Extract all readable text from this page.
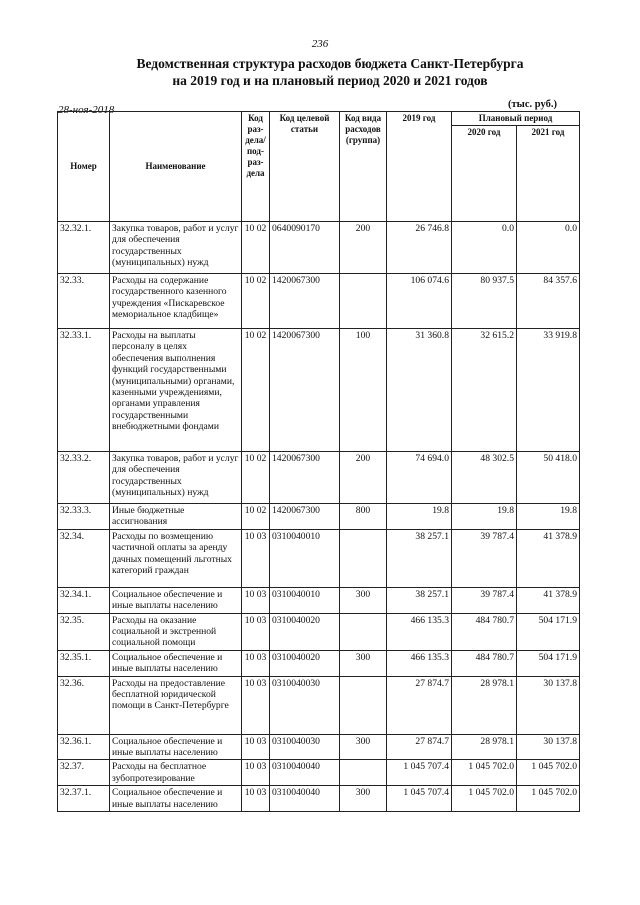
236
Ведомственная структура расходов бюджета Санкт-Петербурга
на 2019 год и на плановый период 2020 и 2021 годов
28-ноя-2018	(тыс. руб.)
Номер	Наименование	Код раз-дела/ под-раз-дела	Код целевой статьи	Код вида расходов (группа)	2019 год	Плановый период	
						2020 год	2021 год
32.32.1.	Закупка товаров, работ и услуг для обеспечения государственных (муниципальных) нужд	10 02	0640090170	200	26 746.8	0.0	0.0
32.33.	Расходы на содержание государственного казенного учреждения «Пискаревское мемориальное кладбище»	10 02	1420067300		106 074.6	80 937.5	84 357.6
32.33.1.	Расходы на выплаты персоналу в целях обеспечения выполнения функций государственными (муниципальными) органами, казенными учреждениями, органами управления государственными внебюджетными фондами	10 02	1420067300	100	31 360.8	32 615.2	33 919.8
32.33.2.	Закупка товаров, работ и услуг для обеспечения государственных (муниципальных) нужд	10 02	1420067300	200	74 694.0	48 302.5	50 418.0
32.33.3.	Иные бюджетные ассигнования	10 02	1420067300	800	19.8	19.8	19.8
32.34.	Расходы по возмещению частичной оплаты за аренду дачных помещений льготных категорий граждан	10 03	0310040010		38 257.1	39 787.4	41 378.9
32.34.1.	Социальное обеспечение и иные выплаты населению	10 03	0310040010	300	38 257.1	39 787.4	41 378.9
32.35.	Расходы на оказание социальной и экстренной социальной помощи	10 03	0310040020		466 135.3	484 780.7	504 171.9
32.35.1.	Социальное обеспечение и иные выплаты населению	10 03	0310040020	300	466 135.3	484 780.7	504 171.9
32.36.	Расходы на предоставление бесплатной юридической помощи в Санкт-Петербурге	10 03	0310040030		27 874.7	28 978.1	30 137.8
32.36.1.	Социальное обеспечение и иные выплаты населению	10 03	0310040030	300	27 874.7	28 978.1	30 137.8
32.37.	Расходы на бесплатное зубопротезирование	10 03	0310040040		1 045 707.4	1 045 702.0	1 045 702.0
32.37.1.	Социальное обеспечение и иные выплаты населению	10 03	0310040040	300	1 045 707.4	1 045 702.0	1 045 702.0
